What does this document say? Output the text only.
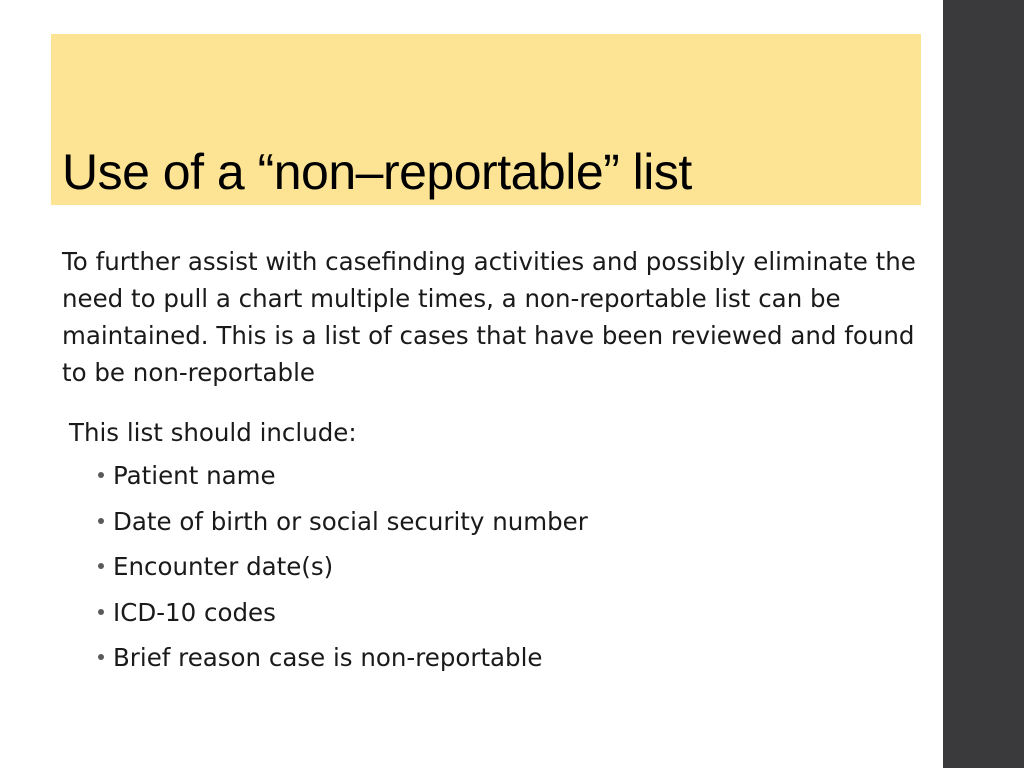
Use of a “non–reportable” list

To further assist with casefinding activities and possibly eliminate the need to pull a chart multiple times, a non-reportable list can be maintained. This is a list of cases that have been reviewed and found to be non-reportable

This list should include:

Patient name
Date of birth or social security number
Encounter date(s)
ICD-10 codes
Brief reason case is non-reportable
